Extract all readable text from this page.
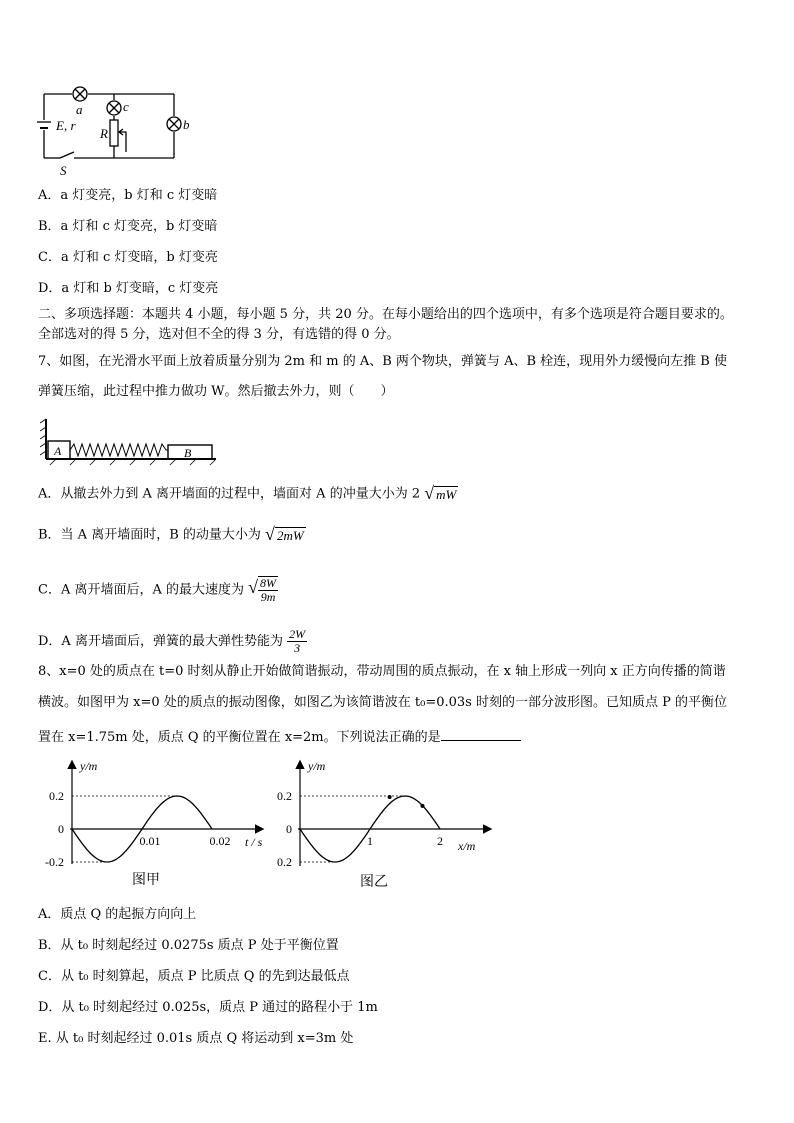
a	c
b
E, r
R
S
A．a 灯变亮，b 灯和 c 灯变暗
B．a 灯和 c 灯变亮，b 灯变暗
C．a 灯和 c 灯变暗，b 灯变亮
D．a 灯和 b 灯变暗，c 灯变亮
二、多项选择题：本题共 4 小题，每小题 5 分，共 20 分。在每小题给出的四个选项中，有多个选项是符合题目要求的。
全部选对的得 5 分，选对但不全的得 3 分，有选错的得 0 分。
7、如图，在光滑水平面上放着质量分别为 2m 和 m 的 A、B 两个物块，弹簧与 A、B 栓连，现用外力缓慢向左推 B 使
弹簧压缩，此过程中推力做功 W。然后撤去外力，则（　　）
A	B
A．从撤去外力到 A 离开墙面的过程中，墙面对 A 的冲量大小为 2 √ mW
B．当 A 离开墙面时，B 的动量大小为 √ 2mW
C．A 离开墙面后，A 的最大速度为 √ $\frac{8W}{9m}$
D．A 离开墙面后，弹簧的最大弹性势能为 $\frac{2W}{3}$
8、x=0 处的质点在 t=0 时刻从静止开始做简谐振动，带动周围的质点振动，在 x 轴上形成一列向 x 正方向传播的简谐
横波。如图甲为 x=0 处的质点的振动图像，如图乙为该简谐波在 t₀=0.03s 时刻的一部分波形图。已知质点 P 的平衡位
置在 x=1.75m 处，质点 Q 的平衡位置在 x=2m。下列说法正确的是
0.2
0
-0.2
0.01	0.02
y/m
t / s
图甲
0.2
0
0.2
1	2
y/m
x/m
图乙
A．质点 Q 的起振方向向上
B．从 t₀ 时刻起经过 0.0275s 质点 P 处于平衡位置
C．从 t₀ 时刻算起，质点 P 比质点 Q 的先到达最低点
D．从 t₀ 时刻起经过 0.025s，质点 P 通过的路程小于 1m
E. 从 t₀ 时刻起经过 0.01s 质点 Q 将运动到 x=3m 处
